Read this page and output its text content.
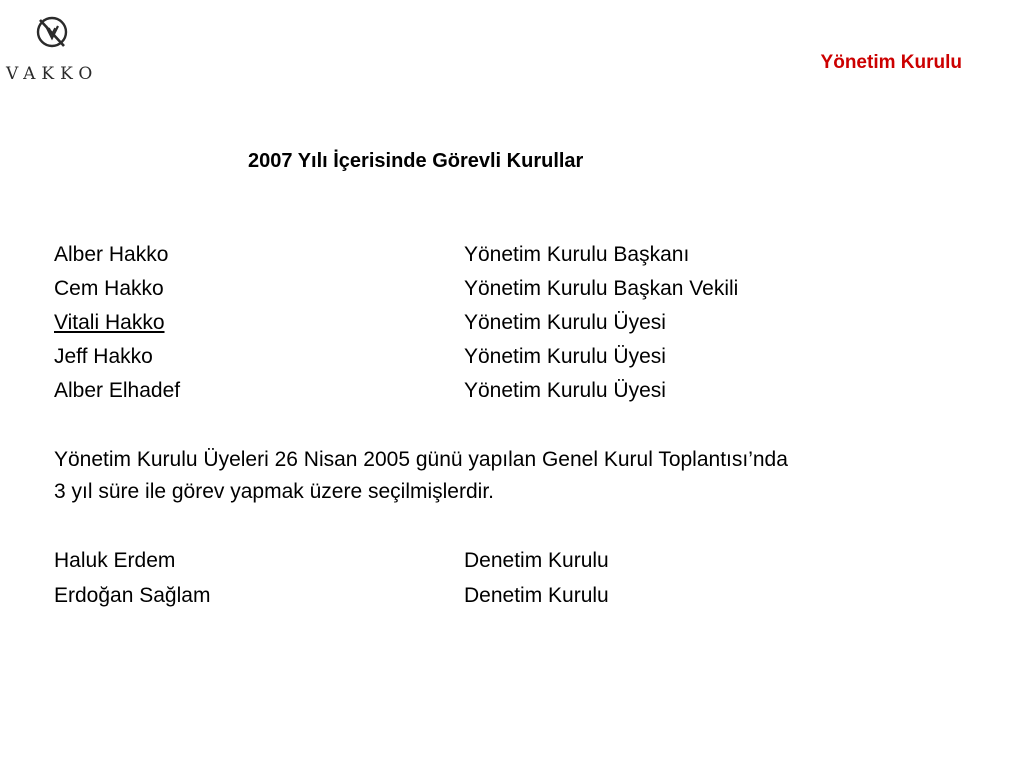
VAKKO
Yönetim Kurulu
2007 Yılı İçerisinde Görevli Kurullar
Alber Hakko	Yönetim Kurulu Başkanı
Cem Hakko	Yönetim Kurulu Başkan Vekili
Vitali Hakko	Yönetim Kurulu Üyesi
Jeff Hakko	Yönetim Kurulu Üyesi
Alber Elhadef	Yönetim Kurulu Üyesi
Yönetim Kurulu Üyeleri 26 Nisan 2005 günü yapılan Genel Kurul Toplantısı’nda
3 yıl süre ile görev yapmak üzere seçilmişlerdir.
Haluk Erdem	Denetim Kurulu
Erdoğan Sağlam	Denetim Kurulu
